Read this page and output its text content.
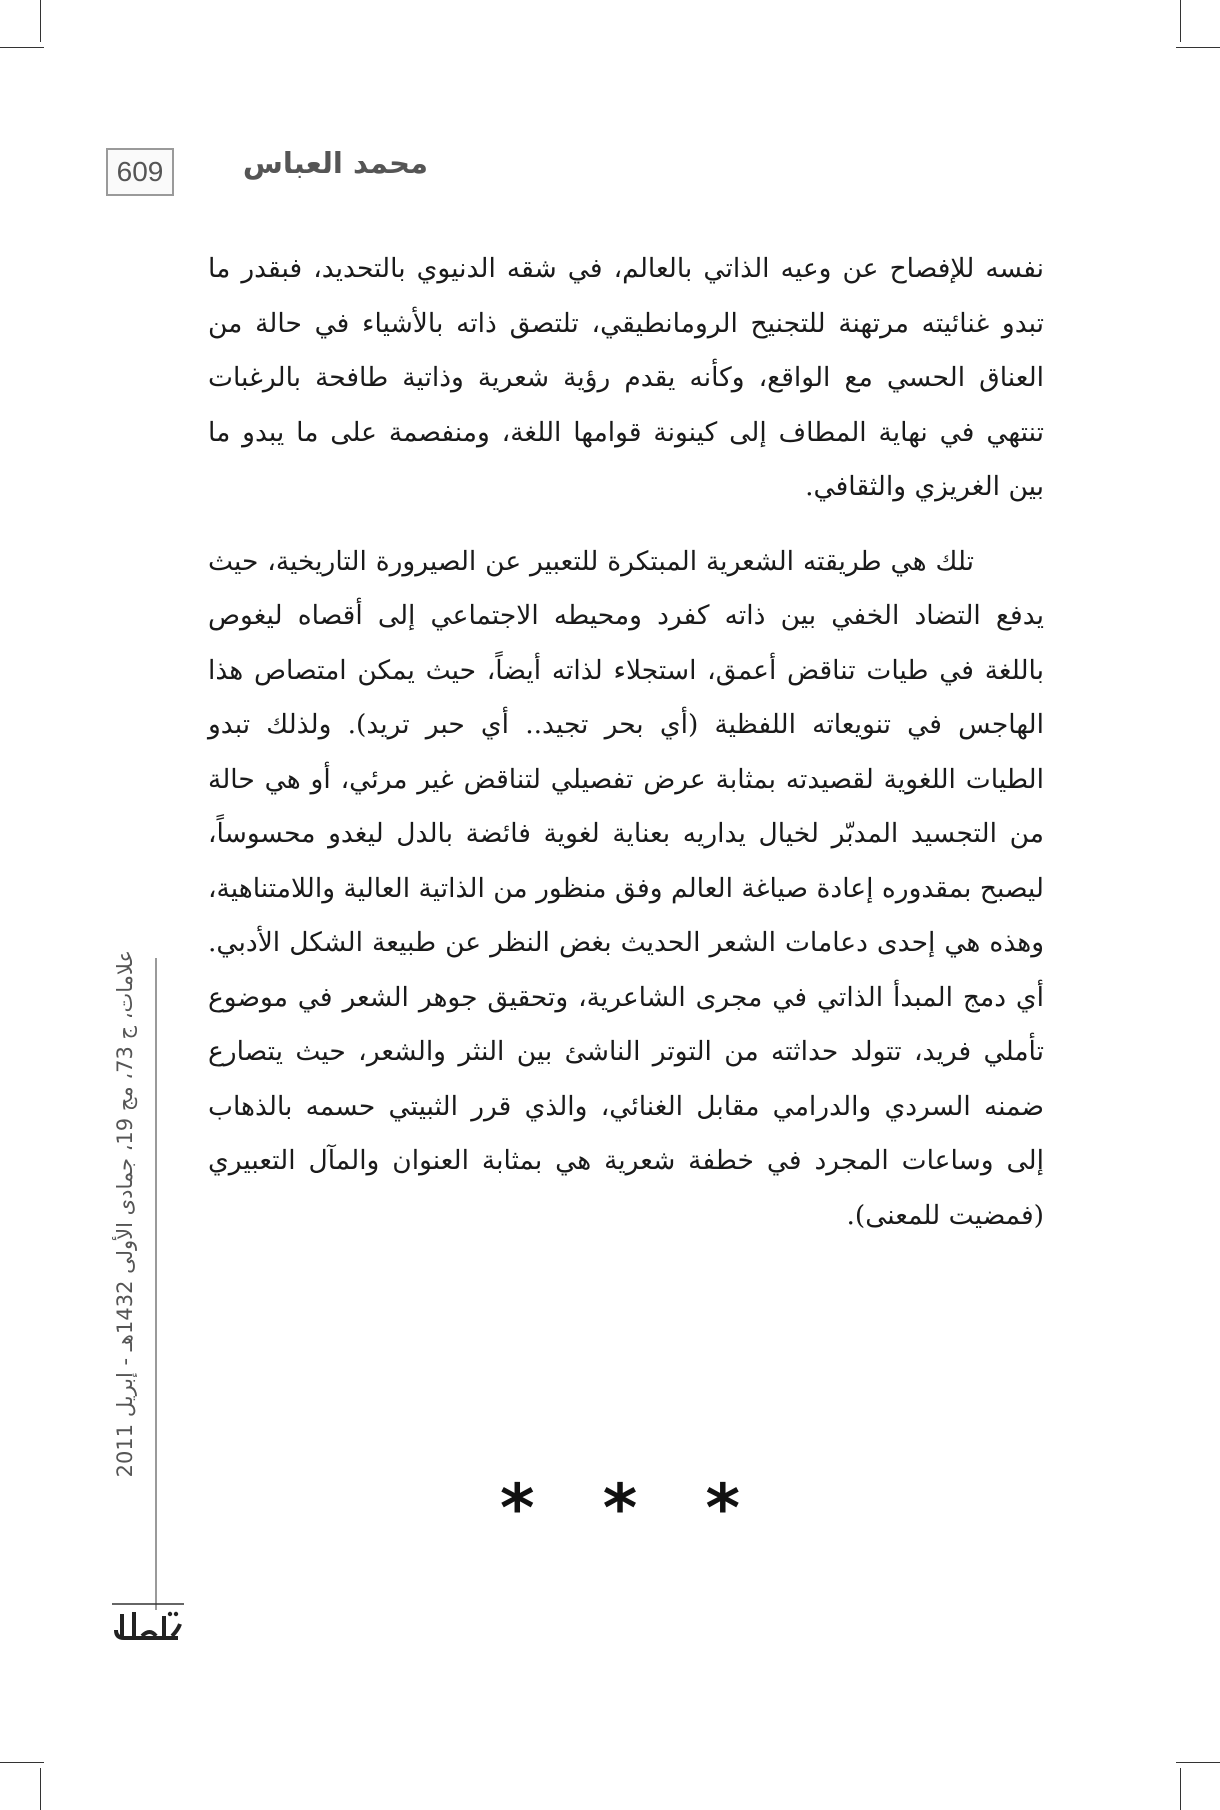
609	محمد العباس

نفسه للإفصاح عن وعيه الذاتي بالعالم، في شقه الدنيوي بالتحديد، فبقدر ما تبدو غنائيته مرتهنة للتجنيح الرومانطيقي، تلتصق ذاته بالأشياء في حالة من العناق الحسي مع الواقع، وكأنه يقدم رؤية شعرية وذاتية طافحة بالرغبات تنتهي في نهاية المطاف إلى كينونة قوامها اللغة، ومنفصمة على ما يبدو ما بين الغريزي والثقافي.

تلك هي طريقته الشعرية المبتكرة للتعبير عن الصيرورة التاريخية، حيث يدفع التضاد الخفي بين ذاته كفرد ومحيطه الاجتماعي إلى أقصاه ليغوص باللغة في طيات تناقض أعمق، استجلاء لذاته أيضاً، حيث يمكن امتصاص هذا الهاجس في تنويعاته اللفظية (أي بحر تجيد.. أي حبر تريد). ولذلك تبدو الطيات اللغوية لقصيدته بمثابة عرض تفصيلي لتناقض غير مرئي، أو هي حالة من التجسيد المدبّر لخيال يداريه بعناية لغوية فائضة بالدل ليغدو محسوساً، ليصبح بمقدوره إعادة صياغة العالم وفق منظور من الذاتية العالية واللامتناهية، وهذه هي إحدى دعامات الشعر الحديث بغض النظر عن طبيعة الشكل الأدبي. أي دمج المبدأ الذاتي في مجرى الشاعرية، وتحقيق جوهر الشعر في موضوع تأملي فريد، تتولد حداثته من التوتر الناشئ بين النثر والشعر، حيث يتصارع ضمنه السردي والدرامي مقابل الغنائي، والذي قرر الثبيتي حسمه بالذهاب إلى وساعات المجرد في خطفة شعرية هي بمثابة العنوان والمآل التعبيري (فمضيت للمعنى).

* * *
علامات، ج 73، مج 19، جمادى الأولى 1432هـ - إبريل 2011
